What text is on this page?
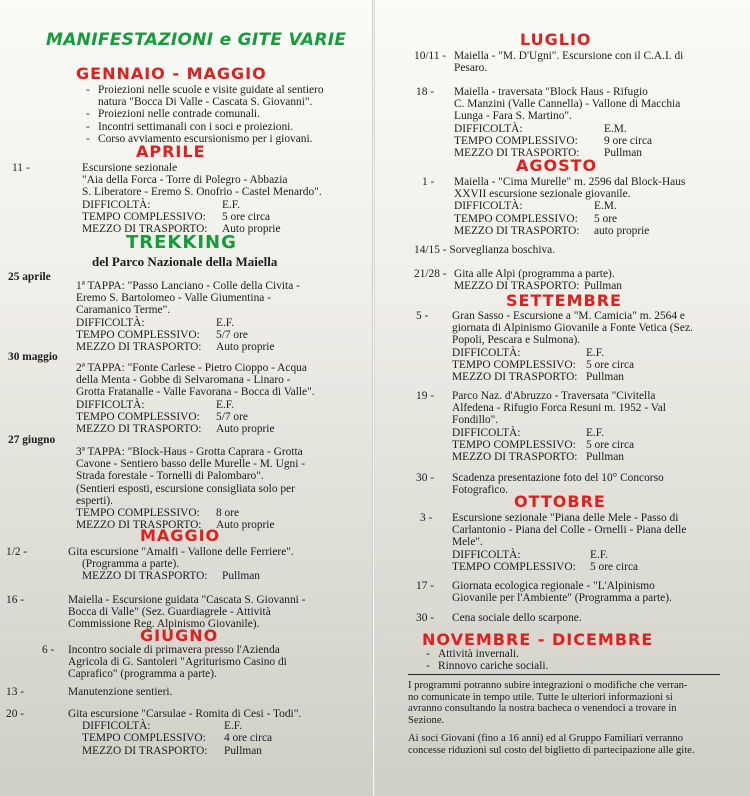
MANIFESTAZIONI e GITE VARIE
GENNAIO - MAGGIO
- Proiezioni nelle scuole e visite guidate al sentiero
natura "Bocca Di Valle - Cascata S. Giovanni".
- Proiezioni nelle contrade comunali.
- Incontri settimanali con i soci e proiezioni.
- Corso avviamento escursionismo per i giovani.
APRILE
11 -	Escursione sezionale
"Aia della Forca - Torre di Polegro - Abbazia
S. Liberatore - Eremo S. Onofrio - Castel Menardo".
DIFFICOLTÀ:	E.F.
TEMPO COMPLESSIVO: 5 ore circa
MEZZO DI TRASPORTO: Auto proprie
TREKKING
del Parco Nazionale della Maiella
25 aprile
1ª TAPPA: "Passo Lanciano - Colle della Civita -
Eremo S. Bartolomeo - Valle Giumentina -
Caramanico Terme".
DIFFICOLTÀ:	E.F.
TEMPO COMPLESSIVO: 5/7 ore
MEZZO DI TRASPORTO: Auto proprie
30 maggio
2ª TAPPA: "Fonte Carlese - Pietro Cioppo - Acqua
della Menta - Gobbe di Selvaromana - Linaro -
Grotta Fratanalle - Valle Favorana - Bocca di Valle".
DIFFICOLTÀ:	E.F.
TEMPO COMPLESSIVO: 5/7 ore
MEZZO DI TRASPORTO: Auto proprie
27 giugno
3ª TAPPA: "Block-Haus - Grotta Caprara - Grotta
Cavone - Sentiero basso delle Murelle - M. Ugni -
Strada forestale - Tornelli di Palombaro".
(Sentieri esposti, escursione consigliata solo per
esperti).
TEMPO COMPLESSIVO: 8 ore
MEZZO DI TRASPORTO: Auto proprie
MAGGIO
1/2 -	Gita escursione "Amalfi - Vallone delle Ferriere".
(Programma a parte).
MEZZO DI TRASPORTO: Pullman
16 -	Maiella - Escursione guidata "Cascata S. Giovanni -
Bocca di Valle" (Sez. Guardiagrele - Attività
Commissione Reg. Alpinismo Giovanile).
GIUGNO
6 -	Incontro sociale di primavera presso l'Azienda
Agricola di G. Santoleri "Agriturismo Casino di
Caprafico" (programma a parte).
13 -	Manutenzione sentieri.
20 -	Gita escursione "Carsulae - Romita di Cesi - Todi".
DIFFICOLTÀ:	E.F.
TEMPO COMPLESSIVO: 4 ore circa
MEZZO DI TRASPORTO: Pullman
LUGLIO
10/11 - Maiella - "M. D'Ugni". Escursione con il C.A.I. di
Pesaro.
18 -	Maiella - traversata "Block Haus - Rifugio
C. Manzini (Valle Cannella) - Vallone di Macchia
Lunga - Fara S. Martino".
DIFFICOLTÀ:	E.M.
TEMPO COMPLESSIVO: 9 ore circa
MEZZO DI TRASPORTO: Pullman
AGOSTO
1 -	Maiella - "Cima Murelle" m. 2596 dal Block-Haus
XXVII escursione sezionale giovanile.
DIFFICOLTÀ:	E.M.
TEMPO COMPLESSIVO: 5 ore
MEZZO DI TRASPORTO: auto proprie
14/15 - Sorveglianza boschiva.
21/28 - Gita alle Alpi (programma a parte).
MEZZO DI TRASPORTO: Pullman
SETTEMBRE
5 -	Gran Sasso - Escursione a "M. Camicia" m. 2564 e
giornata di Alpinismo Giovanile a Fonte Vetica (Sez.
Popoli, Pescara e Sulmona).
DIFFICOLTÀ:	E.F.
TEMPO COMPLESSIVO: 5 ore circa
MEZZO DI TRASPORTO: Pullman
19 -	Parco Naz. d'Abruzzo - Traversata "Civitella
Alfedena - Rifugio Forca Resuni m. 1952 - Val
Fondillo".
DIFFICOLTÀ:	E.F.
TEMPO COMPLESSIVO: 5 ore circa
MEZZO DI TRASPORTO: Pullman
30 -	Scadenza presentazione foto del 10° Concorso
Fotografico.
OTTOBRE
3 -	Escursione sezionale "Piana delle Mele - Passo di
Carlantonio - Piana del Colle - Ornelli - Piana delle
Mele".
DIFFICOLTÀ:	E.F.
TEMPO COMPLESSIVO: 5 ore circa
17 -	Giornata ecologica regionale - "L'Alpinismo
Giovanile per l'Ambiente" (Programma a parte).
30 -	Cena sociale dello scarpone.
NOVEMBRE - DICEMBRE
- Attività invernali.
- Rinnovo cariche sociali.
I programmi potranno subire integrazioni o modifiche che verran-
no comunicate in tempo utile. Tutte le ulteriori informazioni si
avranno consultando la nostra bacheca o venendoci a trovare in
Sezione.
Ai soci Giovani (fino a 16 anni) ed al Gruppo Familiari verranno
concesse riduzioni sul costo del biglietto di partecipazione alle gite.
